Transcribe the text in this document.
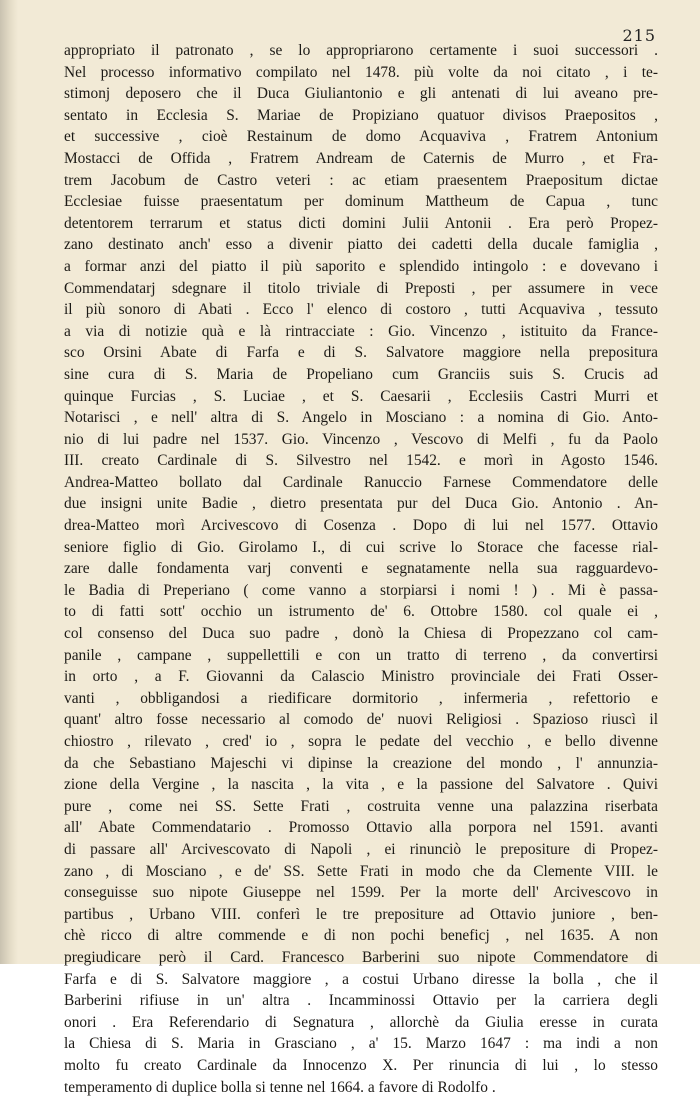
215

appropriato il patronato , se lo appropriarono certamente i suoi successori .

Nel processo informativo compilato nel 1478. più volte da noi citato , i te-

stimonj deposero che il Duca Giuliantonio e gli antenati di lui aveano pre-

sentato in Ecclesia S. Mariae de Propiziano quatuor divisos Praepositos ,

et successive , cioè Restainum de domo Acquaviva , Fratrem Antonium

Mostacci de Offida , Fratrem Andream de Caternis de Murro , et Fra-

trem Jacobum de Castro veteri : ac etiam praesentem Praepositum dictae

Ecclesiae fuisse praesentatum per dominum Mattheum de Capua , tunc

detentorem terrarum et status dicti domini Julii Antonii . Era però Propez-

zano destinato anch' esso a divenir piatto dei cadetti della ducale famiglia ,

a formar anzi del piatto il più saporito e splendido intingolo : e dovevano i

Commendatarj sdegnare il titolo triviale di Preposti , per assumere in vece

il più sonoro di Abati . Ecco l' elenco di costoro , tutti Acquaviva , tessuto

a via di notizie quà e là rintracciate : Gio. Vincenzo , istituito da France-

sco Orsini Abate di Farfa e di S. Salvatore maggiore nella prepositura

sine cura di S. Maria de Propeliano cum Granciis suis S. Crucis ad

quinque Furcias , S. Luciae , et S. Caesarii , Ecclesiis Castri Murri et

Notarisci , e nell' altra di S. Angelo in Mosciano : a nomina di Gio. Anto-

nio di lui padre nel 1537. Gio. Vincenzo , Vescovo di Melfi , fu da Paolo

III. creato Cardinale di S. Silvestro nel 1542. e morì in Agosto 1546.

Andrea-Matteo bollato dal Cardinale Ranuccio Farnese Commendatore delle

due insigni unite Badie , dietro presentata pur del Duca Gio. Antonio . An-

drea-Matteo morì Arcivescovo di Cosenza . Dopo di lui nel 1577. Ottavio

seniore figlio di Gio. Girolamo I., di cui scrive lo Storace che facesse rial-

zare dalle fondamenta varj conventi e segnatamente nella sua ragguardevo-

le Badia di Preperiano ( come vanno a storpiarsi i nomi ! ) . Mi è passa-

to di fatti sott' occhio un istrumento de' 6. Ottobre 1580. col quale ei ,

col consenso del Duca suo padre , donò la Chiesa di Propezzano col cam-

panile , campane , suppellettili e con un tratto di terreno , da convertirsi

in orto , a F. Giovanni da Calascio Ministro provinciale dei Frati Osser-

vanti , obbligandosi a riedificare dormitorio , infermeria , refettorio e

quant' altro fosse necessario al comodo de' nuovi Religiosi . Spazioso riuscì il

chiostro , rilevato , cred' io , sopra le pedate del vecchio , e bello divenne

da che Sebastiano Majeschi vi dipinse la creazione del mondo , l' annunzia-

zione della Vergine , la nascita , la vita , e la passione del Salvatore . Quivi

pure , come nei SS. Sette Frati , costruita venne una palazzina riserbata

all' Abate Commendatario . Promosso Ottavio alla porpora nel 1591. avanti

di passare all' Arcivescovato di Napoli , ei rinunciò le prepositure di Propez-

zano , di Mosciano , e de' SS. Sette Frati in modo che da Clemente VIII. le

conseguisse suo nipote Giuseppe nel 1599. Per la morte dell' Arcivescovo in

partibus , Urbano VIII. conferì le tre prepositure ad Ottavio juniore , ben-

chè ricco di altre commende e di non pochi beneficj , nel 1635. A non

pregiudicare però il Card. Francesco Barberini suo nipote Commendatore di

Farfa e di S. Salvatore maggiore , a costui Urbano diresse la bolla , che il

Barberini rifiuse in un' altra . Incamminossi Ottavio per la carriera degli

onori . Era Referendario di Segnatura , allorchè da Giulia eresse in curata

la Chiesa di S. Maria in Grasciano , a' 15. Marzo 1647 : ma indi a non

molto fu creato Cardinale da Innocenzo X. Per rinuncia di lui , lo stesso

temperamento di duplice bolla si tenne nel 1664. a favore di Rodolfo .
